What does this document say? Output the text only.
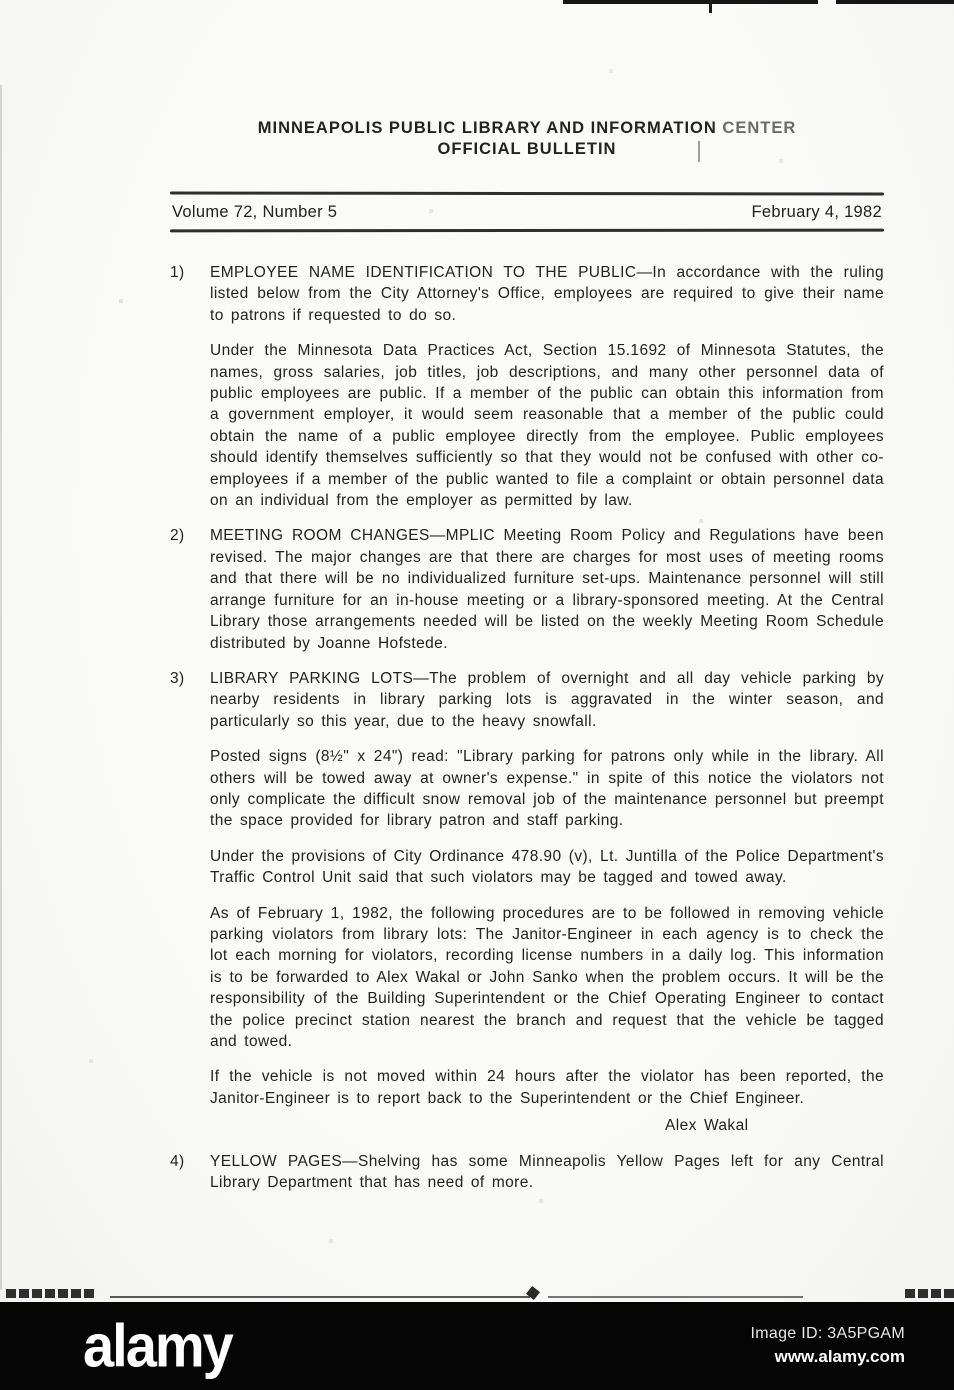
MINNEAPOLIS PUBLIC LIBRARY AND INFORMATION CENTER
OFFICIAL BULLETIN
Volume 72, Number 5	February 4, 1982
1)	EMPLOYEE NAME IDENTIFICATION TO THE PUBLIC—In accordance with the ruling listed below from the City Attorney's Office, employees are required to give their name to patrons if requested to do so.

Under the Minnesota Data Practices Act, Section 15.1692 of Minnesota Statutes, the names, gross salaries, job titles, job descriptions, and many other personnel data of public employees are public. If a member of the public can obtain this information from a government employer, it would seem reasonable that a member of the public could obtain the name of a public employee directly from the employee. Public employees should identify themselves sufficiently so that they would not be confused with other co-employees if a member of the public wanted to file a complaint or obtain personnel data on an individual from the employer as permitted by law.

2)	MEETING ROOM CHANGES—MPLIC Meeting Room Policy and Regulations have been revised. The major changes are that there are charges for most uses of meeting rooms and that there will be no individualized furniture set-ups. Maintenance personnel will still arrange furniture for an in-house meeting or a library-sponsored meeting. At the Central Library those arrangements needed will be listed on the weekly Meeting Room Schedule distributed by Joanne Hofstede.

3)	LIBRARY PARKING LOTS—The problem of overnight and all day vehicle parking by nearby residents in library parking lots is aggravated in the winter season, and particularly so this year, due to the heavy snowfall.

Posted signs (8½" x 24") read: "Library parking for patrons only while in the library. All others will be towed away at owner's expense." in spite of this notice the violators not only complicate the difficult snow removal job of the maintenance personnel but preempt the space provided for library patron and staff parking.

Under the provisions of City Ordinance 478.90 (v), Lt. Juntilla of the Police Department's Traffic Control Unit said that such violators may be tagged and towed away.

As of February 1, 1982, the following procedures are to be followed in removing vehicle parking violators from library lots: The Janitor-Engineer in each agency is to check the lot each morning for violators, recording license numbers in a daily log. This information is to be forwarded to Alex Wakal or John Sanko when the problem occurs. It will be the responsibility of the Building Superintendent or the Chief Operating Engineer to contact the police precinct station nearest the branch and request that the vehicle be tagged and towed.

If the vehicle is not moved within 24 hours after the violator has been reported, the Janitor-Engineer is to report back to the Superintendent or the Chief Engineer.

Alex Wakal
4)	YELLOW PAGES—Shelving has some Minneapolis Yellow Pages left for any Central Library Department that has need of more.

alamy	Image ID: 3A5PGAM
www.alamy.com
